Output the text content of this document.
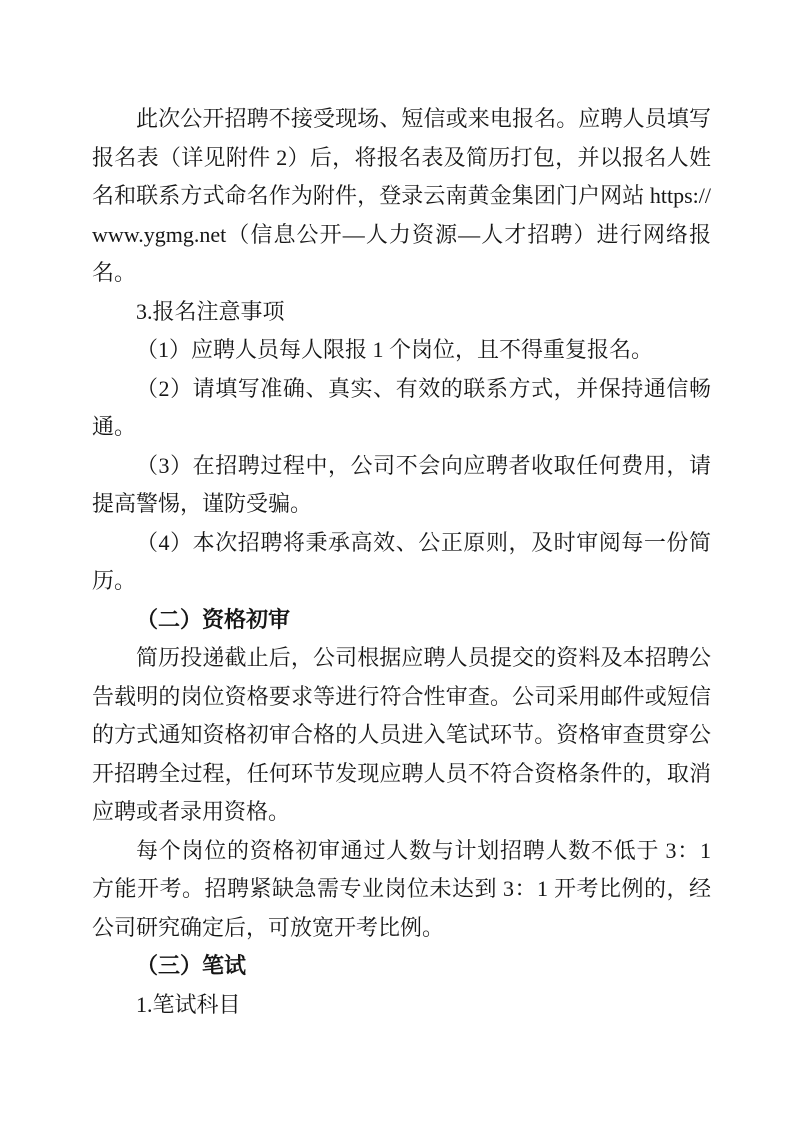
此次公开招聘不接受现场、短信或来电报名。应聘人员填写报名表（详见附件 2）后，将报名表及简历打包，并以报名人姓名和联系方式命名作为附件，登录云南黄金集团门户网站 https://www.ygmg.net（信息公开—人力资源—人才招聘）进行网络报名。

3.报名注意事项

（1）应聘人员每人限报 1 个岗位，且不得重复报名。

（2）请填写准确、真实、有效的联系方式，并保持通信畅通。

（3）在招聘过程中，公司不会向应聘者收取任何费用，请提高警惕，谨防受骗。

（4）本次招聘将秉承高效、公正原则，及时审阅每一份简历。

（二）资格初审

简历投递截止后，公司根据应聘人员提交的资料及本招聘公告载明的岗位资格要求等进行符合性审查。公司采用邮件或短信的方式通知资格初审合格的人员进入笔试环节。资格审查贯穿公开招聘全过程，任何环节发现应聘人员不符合资格条件的，取消应聘或者录用资格。

每个岗位的资格初审通过人数与计划招聘人数不低于 3：1 方能开考。招聘紧缺急需专业岗位未达到 3：1 开考比例的，经公司研究确定后，可放宽开考比例。

（三）笔试

1.笔试科目
